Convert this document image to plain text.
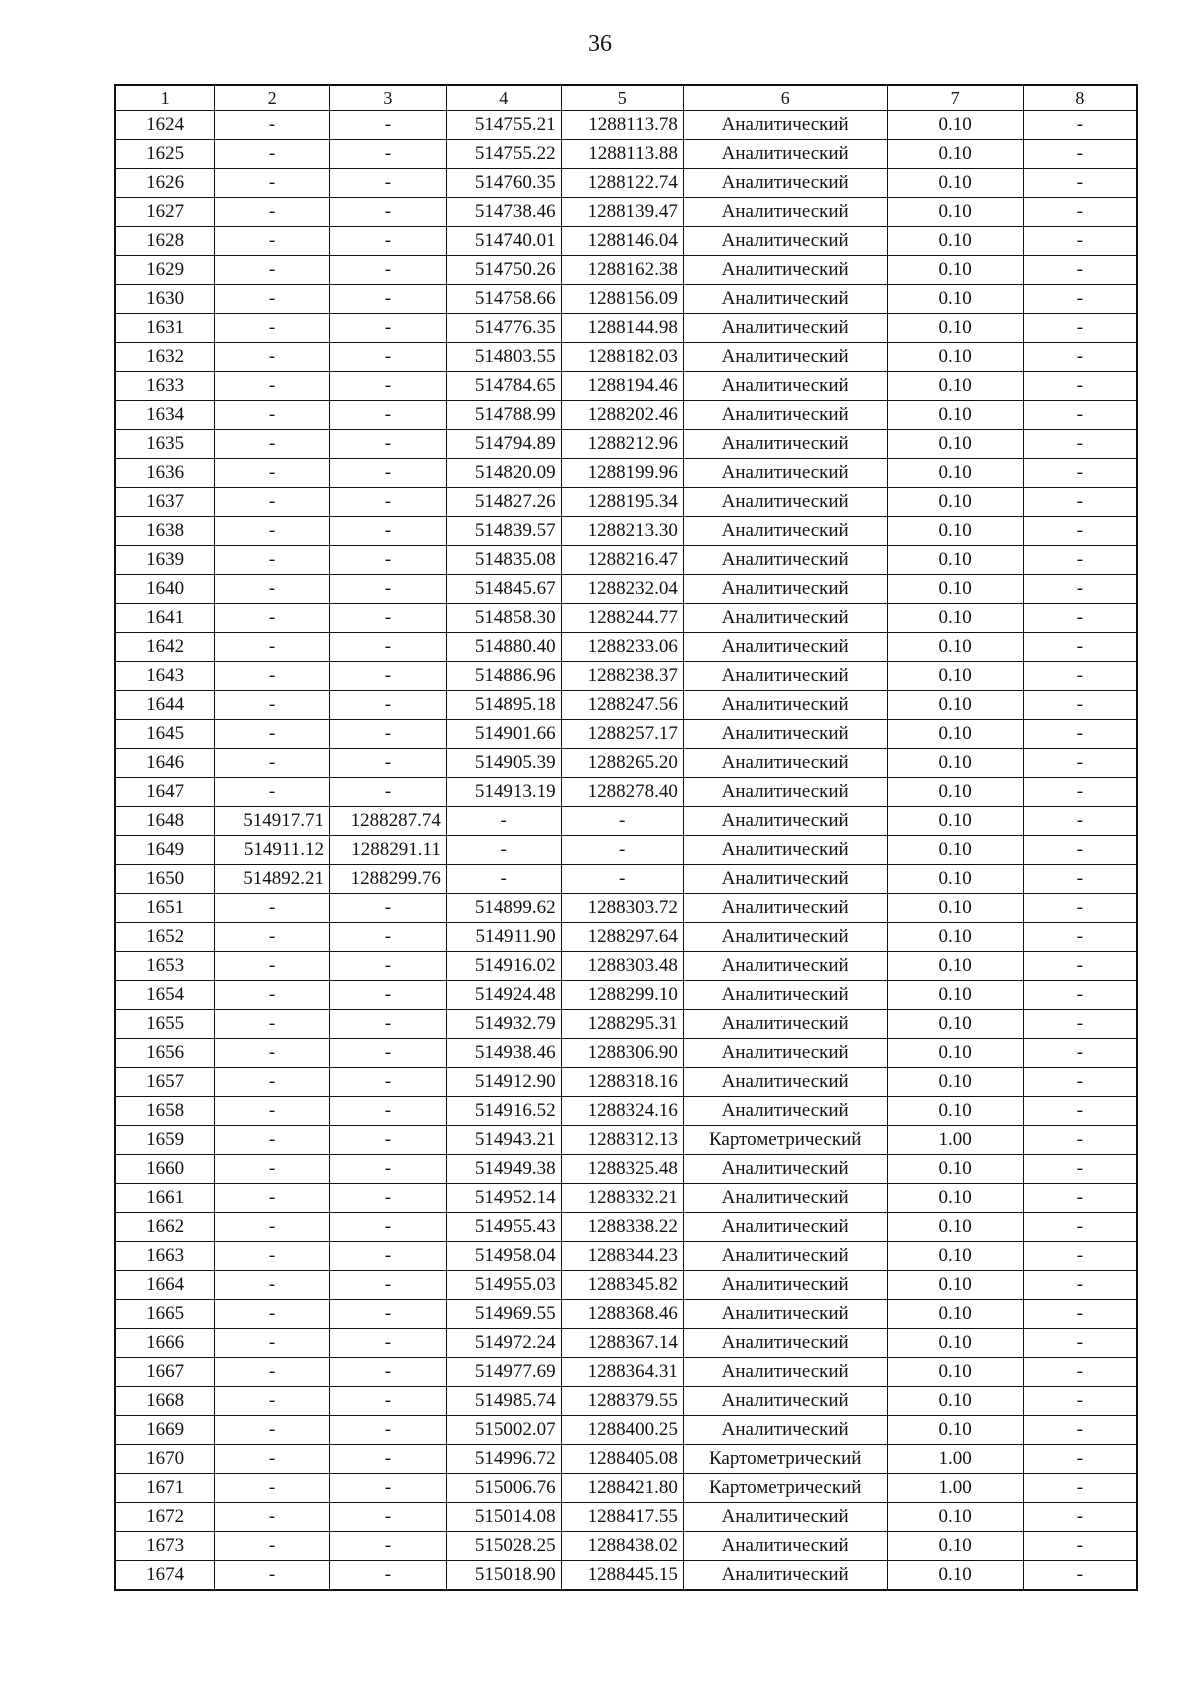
36
1	2	3	4	5	6	7	8
1624	-	-	514755.21	1288113.78	Аналитический	0.10	-
1625	-	-	514755.22	1288113.88	Аналитический	0.10	-
1626	-	-	514760.35	1288122.74	Аналитический	0.10	-
1627	-	-	514738.46	1288139.47	Аналитический	0.10	-
1628	-	-	514740.01	1288146.04	Аналитический	0.10	-
1629	-	-	514750.26	1288162.38	Аналитический	0.10	-
1630	-	-	514758.66	1288156.09	Аналитический	0.10	-
1631	-	-	514776.35	1288144.98	Аналитический	0.10	-
1632	-	-	514803.55	1288182.03	Аналитический	0.10	-
1633	-	-	514784.65	1288194.46	Аналитический	0.10	-
1634	-	-	514788.99	1288202.46	Аналитический	0.10	-
1635	-	-	514794.89	1288212.96	Аналитический	0.10	-
1636	-	-	514820.09	1288199.96	Аналитический	0.10	-
1637	-	-	514827.26	1288195.34	Аналитический	0.10	-
1638	-	-	514839.57	1288213.30	Аналитический	0.10	-
1639	-	-	514835.08	1288216.47	Аналитический	0.10	-
1640	-	-	514845.67	1288232.04	Аналитический	0.10	-
1641	-	-	514858.30	1288244.77	Аналитический	0.10	-
1642	-	-	514880.40	1288233.06	Аналитический	0.10	-
1643	-	-	514886.96	1288238.37	Аналитический	0.10	-
1644	-	-	514895.18	1288247.56	Аналитический	0.10	-
1645	-	-	514901.66	1288257.17	Аналитический	0.10	-
1646	-	-	514905.39	1288265.20	Аналитический	0.10	-
1647	-	-	514913.19	1288278.40	Аналитический	0.10	-
1648	514917.71	1288287.74	-	-	Аналитический	0.10	-
1649	514911.12	1288291.11	-	-	Аналитический	0.10	-
1650	514892.21	1288299.76	-	-	Аналитический	0.10	-
1651	-	-	514899.62	1288303.72	Аналитический	0.10	-
1652	-	-	514911.90	1288297.64	Аналитический	0.10	-
1653	-	-	514916.02	1288303.48	Аналитический	0.10	-
1654	-	-	514924.48	1288299.10	Аналитический	0.10	-
1655	-	-	514932.79	1288295.31	Аналитический	0.10	-
1656	-	-	514938.46	1288306.90	Аналитический	0.10	-
1657	-	-	514912.90	1288318.16	Аналитический	0.10	-
1658	-	-	514916.52	1288324.16	Аналитический	0.10	-
1659	-	-	514943.21	1288312.13	Картометрический	1.00	-
1660	-	-	514949.38	1288325.48	Аналитический	0.10	-
1661	-	-	514952.14	1288332.21	Аналитический	0.10	-
1662	-	-	514955.43	1288338.22	Аналитический	0.10	-
1663	-	-	514958.04	1288344.23	Аналитический	0.10	-
1664	-	-	514955.03	1288345.82	Аналитический	0.10	-
1665	-	-	514969.55	1288368.46	Аналитический	0.10	-
1666	-	-	514972.24	1288367.14	Аналитический	0.10	-
1667	-	-	514977.69	1288364.31	Аналитический	0.10	-
1668	-	-	514985.74	1288379.55	Аналитический	0.10	-
1669	-	-	515002.07	1288400.25	Аналитический	0.10	-
1670	-	-	514996.72	1288405.08	Картометрический	1.00	-
1671	-	-	515006.76	1288421.80	Картометрический	1.00	-
1672	-	-	515014.08	1288417.55	Аналитический	0.10	-
1673	-	-	515028.25	1288438.02	Аналитический	0.10	-
1674	-	-	515018.90	1288445.15	Аналитический	0.10	-
